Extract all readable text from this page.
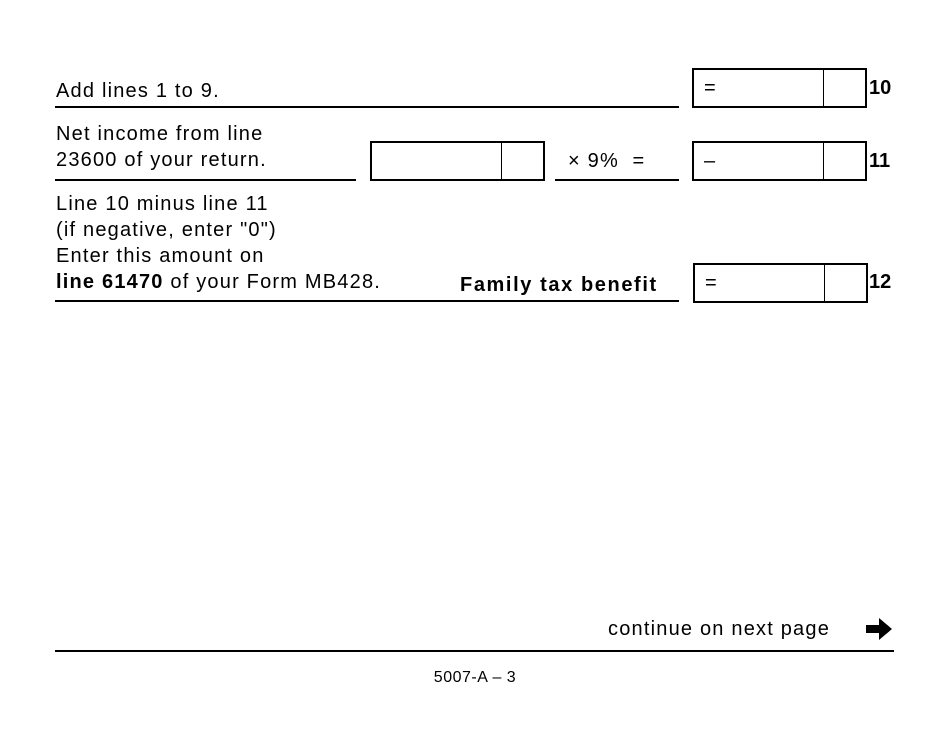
Add lines 1 to 9.	=	10
Net income from line
23600 of your return.	× 9%  =	–	11
Line 10 minus line 11
(if negative, enter "0")
Enter this amount on
line 61470 of your Form MB428.	Family tax benefit =	12
continue on next page
5007-A – 3
